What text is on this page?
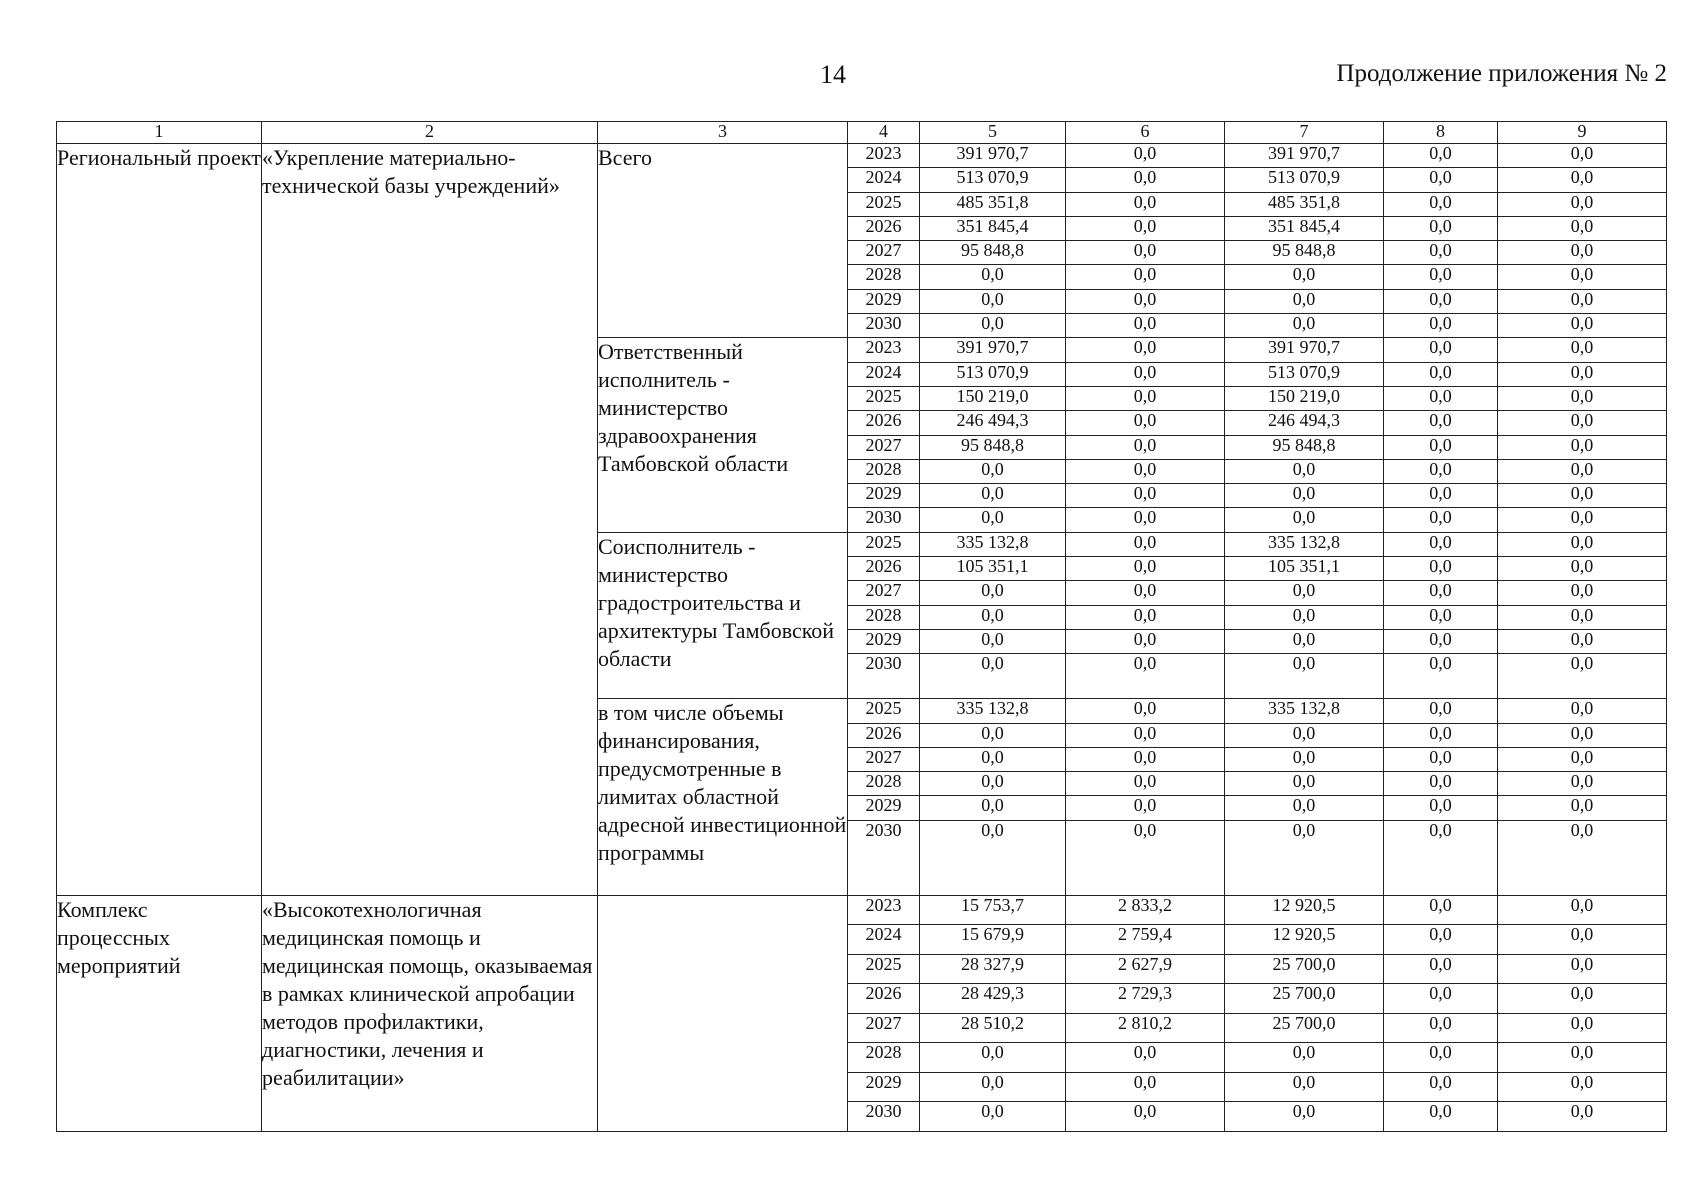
14	Продолжение приложения № 2
1	2	3	4	5	6	7	8	9
Региональный проект	«Укрепление материально-технической базы учреждений»	Всего	2023	391 970,7	0,0	391 970,7	0,0	0,0
			2024	513 070,9	0,0	513 070,9	0,0	0,0
			2025	485 351,8	0,0	485 351,8	0,0	0,0
			2026	351 845,4	0,0	351 845,4	0,0	0,0
			2027	95 848,8	0,0	95 848,8	0,0	0,0
			2028	0,0	0,0	0,0	0,0	0,0
			2029	0,0	0,0	0,0	0,0	0,0
			2030	0,0	0,0	0,0	0,0	0,0
		Ответственный исполнитель - министерство здравоохранения Тамбовской области	2023	391 970,7	0,0	391 970,7	0,0	0,0
			2024	513 070,9	0,0	513 070,9	0,0	0,0
			2025	150 219,0	0,0	150 219,0	0,0	0,0
			2026	246 494,3	0,0	246 494,3	0,0	0,0
			2027	95 848,8	0,0	95 848,8	0,0	0,0
			2028	0,0	0,0	0,0	0,0	0,0
			2029	0,0	0,0	0,0	0,0	0,0
			2030	0,0	0,0	0,0	0,0	0,0
		Соисполнитель - министерство градостроительства и архитектуры Тамбовской области	2025	335 132,8	0,0	335 132,8	0,0	0,0
			2026	105 351,1	0,0	105 351,1	0,0	0,0
			2027	0,0	0,0	0,0	0,0	0,0
			2028	0,0	0,0	0,0	0,0	0,0
			2029	0,0	0,0	0,0	0,0	0,0
			2030	0,0	0,0	0,0	0,0	0,0
		в том числе объемы финансирования, предусмотренные в лимитах областной адресной инвестиционной программы	2025	335 132,8	0,0	335 132,8	0,0	0,0
			2026	0,0	0,0	0,0	0,0	0,0
			2027	0,0	0,0	0,0	0,0	0,0
			2028	0,0	0,0	0,0	0,0	0,0
			2029	0,0	0,0	0,0	0,0	0,0
			2030	0,0	0,0	0,0	0,0	0,0
Комплекс процессных мероприятий	«Высокотехнологичная медицинская помощь и медицинская помощь, оказываемая в рамках клинической апробации методов профилактики, диагностики, лечения и реабилитации»		2023	15 753,7	2 833,2	12 920,5	0,0	0,0
			2024	15 679,9	2 759,4	12 920,5	0,0	0,0
			2025	28 327,9	2 627,9	25 700,0	0,0	0,0
			2026	28 429,3	2 729,3	25 700,0	0,0	0,0
			2027	28 510,2	2 810,2	25 700,0	0,0	0,0
			2028	0,0	0,0	0,0	0,0	0,0
			2029	0,0	0,0	0,0	0,0	0,0
			2030	0,0	0,0	0,0	0,0	0,0
